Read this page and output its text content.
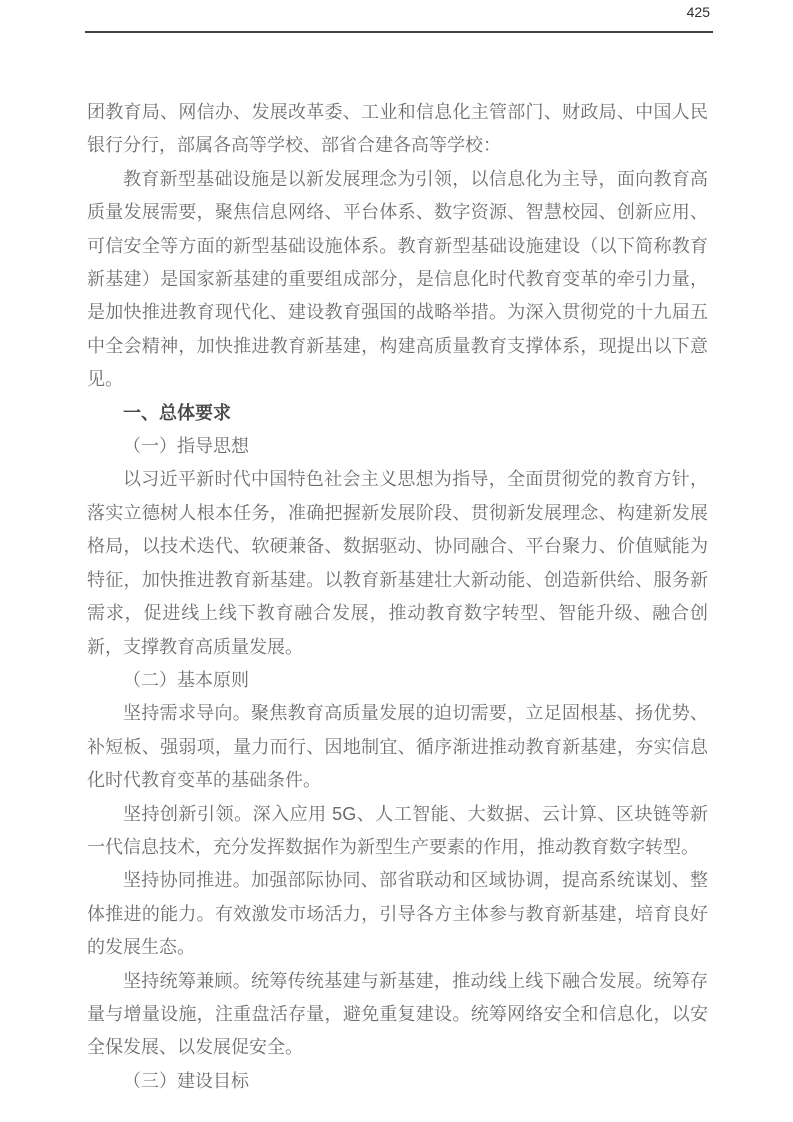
425

团教育局、网信办、发展改革委、工业和信息化主管部门、财政局、中国人民银行分行，部属各高等学校、部省合建各高等学校：

教育新型基础设施是以新发展理念为引领，以信息化为主导，面向教育高质量发展需要，聚焦信息网络、平台体系、数字资源、智慧校园、创新应用、可信安全等方面的新型基础设施体系。教育新型基础设施建设（以下简称教育新基建）是国家新基建的重要组成部分，是信息化时代教育变革的牵引力量，是加快推进教育现代化、建设教育强国的战略举措。为深入贯彻党的十九届五中全会精神，加快推进教育新基建，构建高质量教育支撑体系，现提出以下意见。

一、总体要求

（一）指导思想

以习近平新时代中国特色社会主义思想为指导，全面贯彻党的教育方针，落实立德树人根本任务，准确把握新发展阶段、贯彻新发展理念、构建新发展格局，以技术迭代、软硬兼备、数据驱动、协同融合、平台聚力、价值赋能为特征，加快推进教育新基建。以教育新基建壮大新动能、创造新供给、服务新需求，促进线上线下教育融合发展，推动教育数字转型、智能升级、融合创新，支撑教育高质量发展。

（二）基本原则

坚持需求导向。聚焦教育高质量发展的迫切需要，立足固根基、扬优势、补短板、强弱项，量力而行、因地制宜、循序渐进推动教育新基建，夯实信息化时代教育变革的基础条件。

坚持创新引领。深入应用 5G、人工智能、大数据、云计算、区块链等新一代信息技术，充分发挥数据作为新型生产要素的作用，推动教育数字转型。

坚持协同推进。加强部际协同、部省联动和区域协调，提高系统谋划、整体推进的能力。有效激发市场活力，引导各方主体参与教育新基建，培育良好的发展生态。

坚持统筹兼顾。统筹传统基建与新基建，推动线上线下融合发展。统筹存量与增量设施，注重盘活存量，避免重复建设。统筹网络安全和信息化，以安全保发展、以发展促安全。

（三）建设目标
